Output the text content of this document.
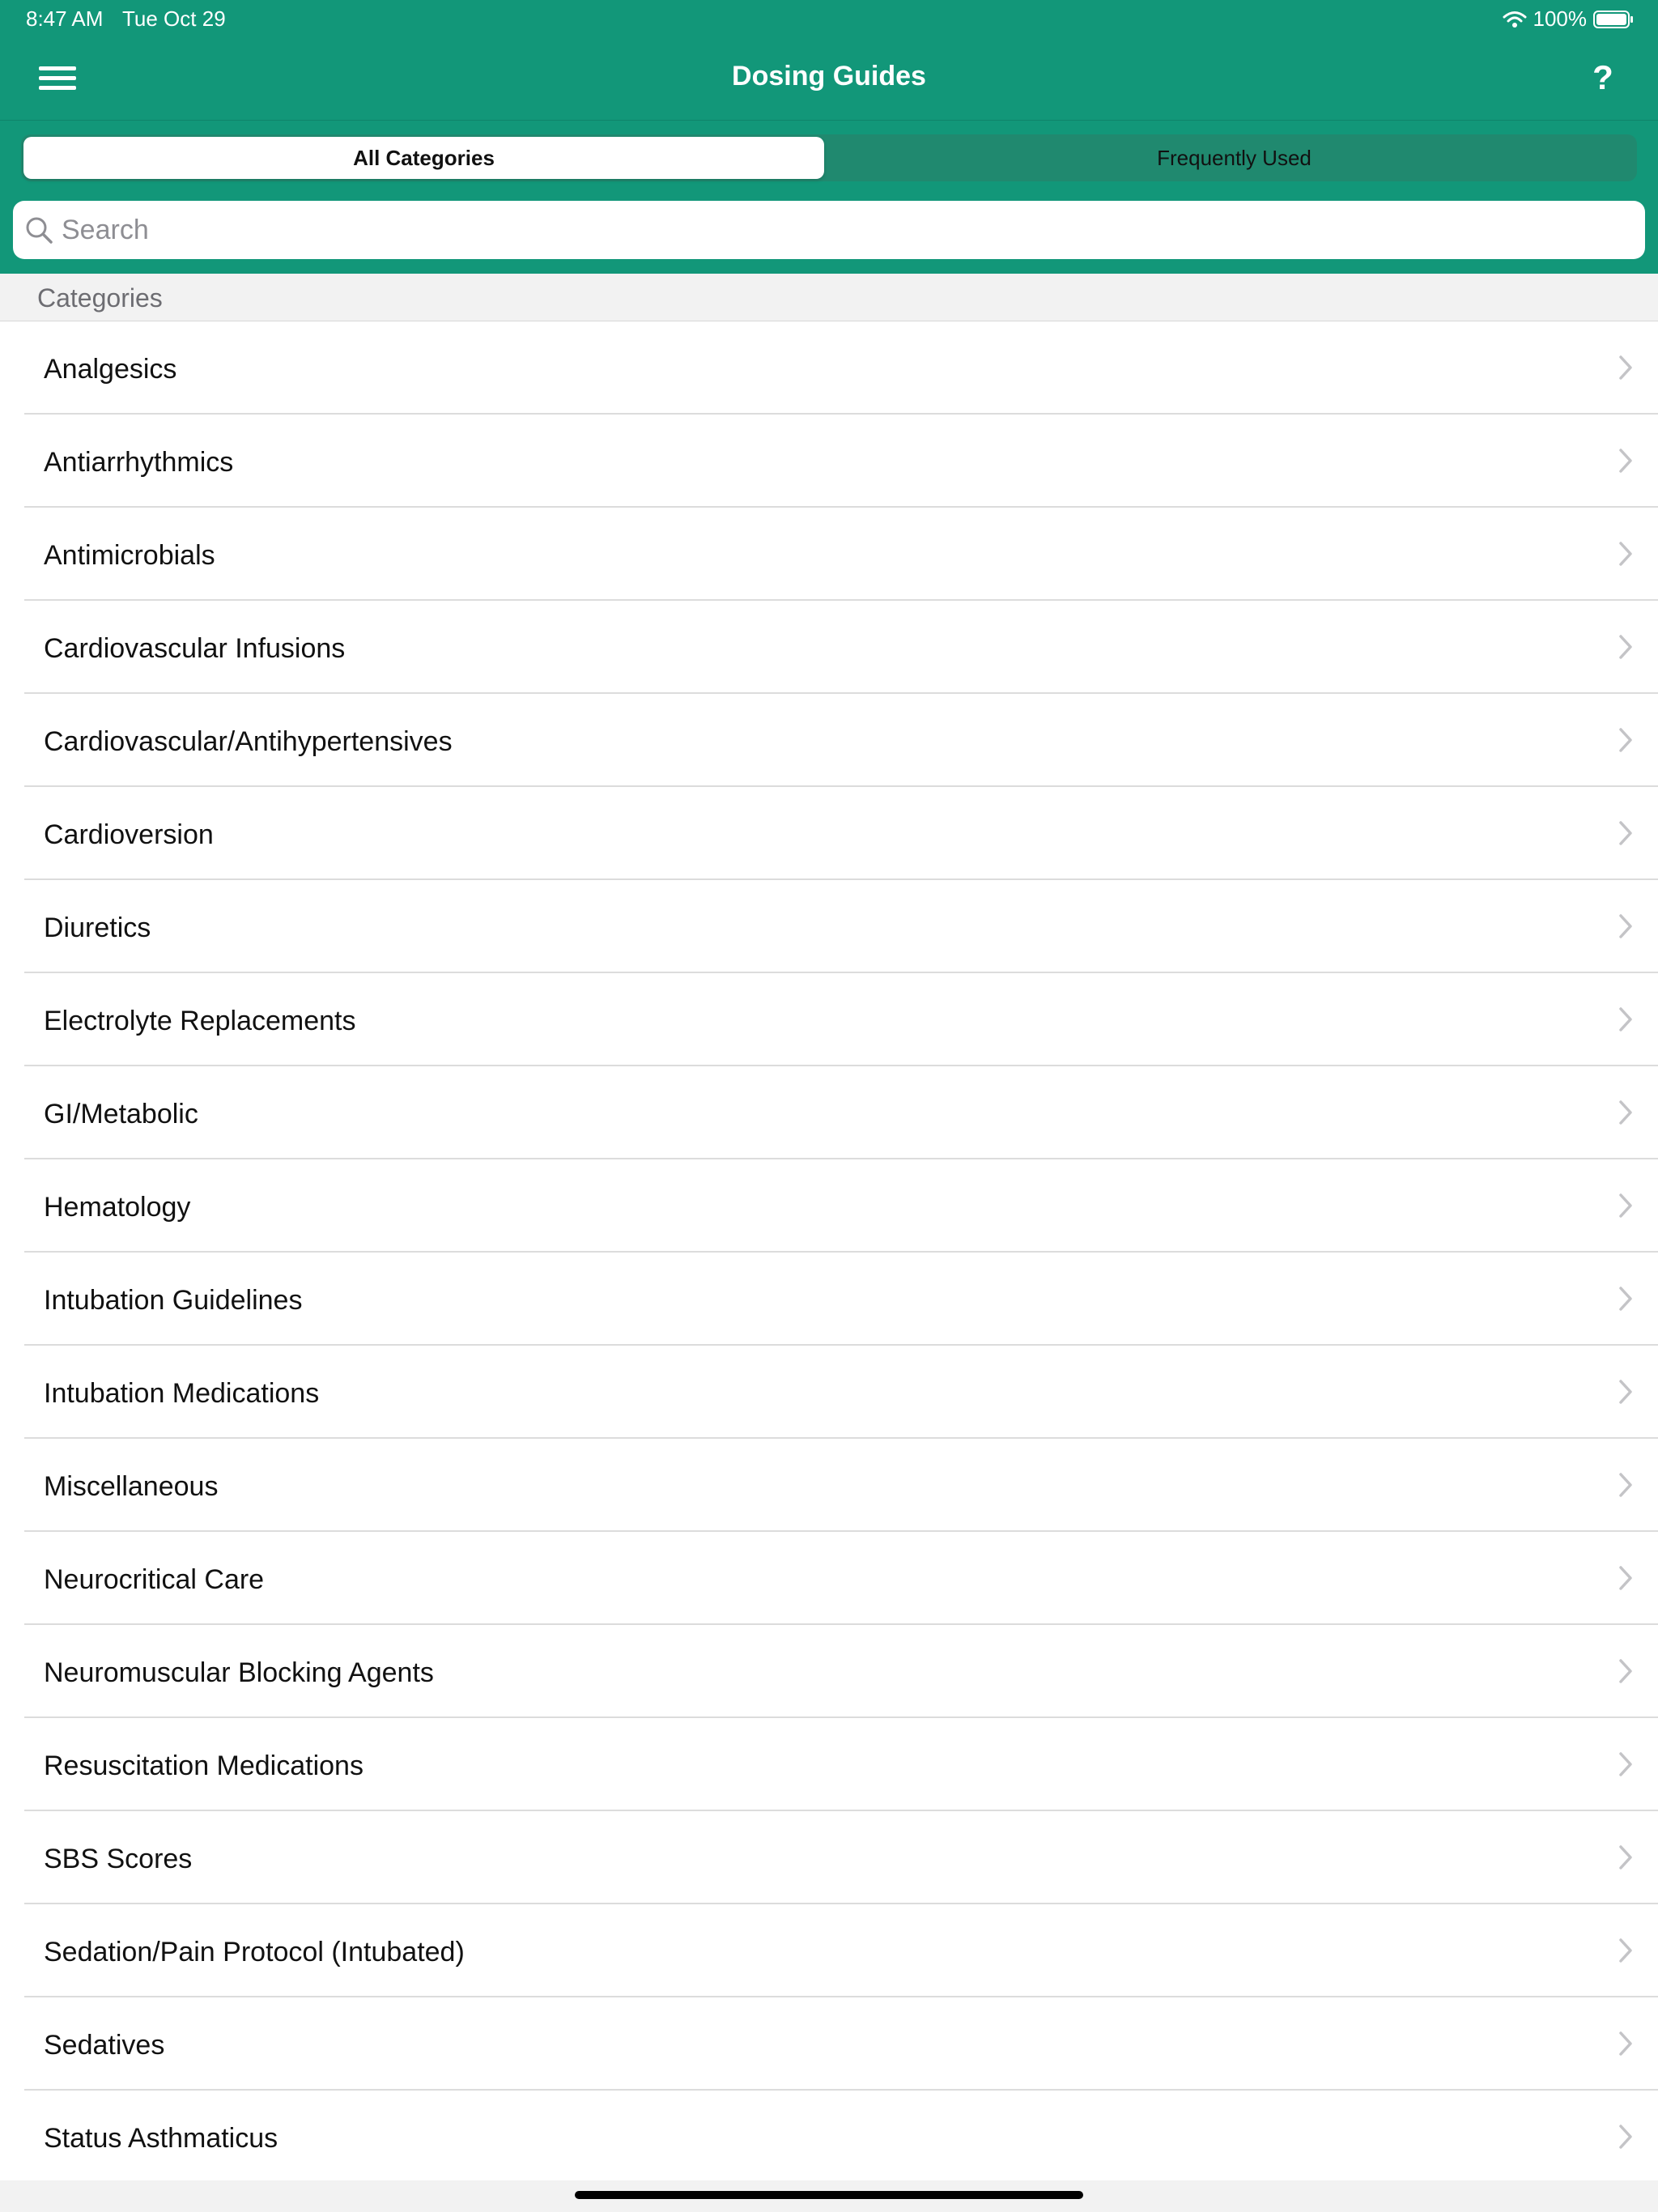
8:47 AM Tue Oct 29	100%
Dosing Guides	?
All Categories	Frequently Used
Search
Categories
Analgesics
Antiarrhythmics
Antimicrobials
Cardiovascular Infusions
Cardiovascular/Antihypertensives
Cardioversion
Diuretics
Electrolyte Replacements
GI/Metabolic
Hematology
Intubation Guidelines
Intubation Medications
Miscellaneous
Neurocritical Care
Neuromuscular Blocking Agents
Resuscitation Medications
SBS Scores
Sedation/Pain Protocol (Intubated)
Sedatives
Status Asthmaticus
